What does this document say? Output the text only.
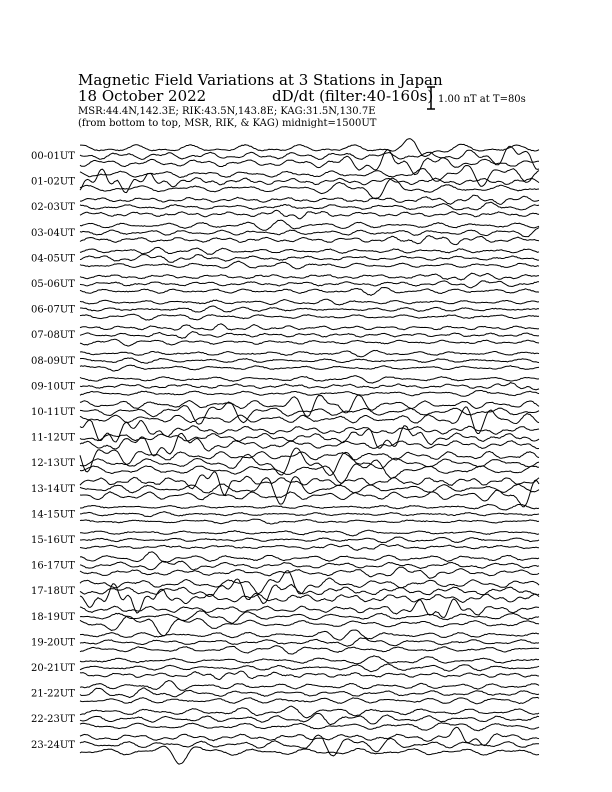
Magnetic Field Variations at 3 Stations in Japan
18 October 2022	dD/dt (filter:40-160s)
MSR:44.4N,142.3E; RIK:43.5N,143.8E; KAG:31.5N,130.7E
(from bottom to top, MSR, RIK, & KAG) midnight=1500UT
1.00 nT at T=80s
00-01UT
01-02UT
02-03UT
03-04UT
04-05UT
05-06UT
06-07UT
07-08UT
08-09UT
09-10UT
10-11UT
11-12UT
12-13UT
13-14UT
14-15UT
15-16UT
16-17UT
17-18UT
18-19UT
19-20UT
20-21UT
21-22UT
22-23UT
23-24UT
